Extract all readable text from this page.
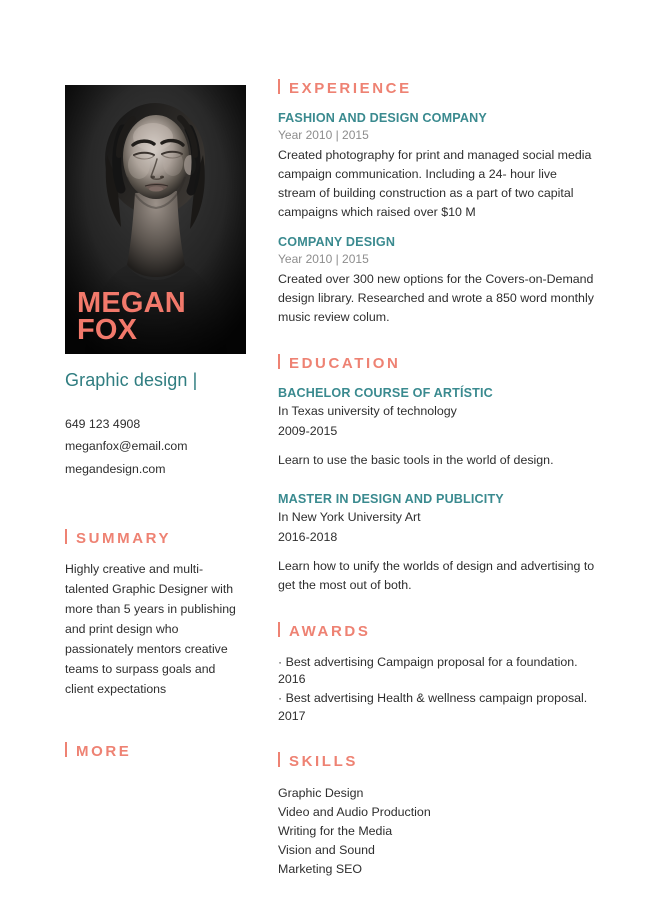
MEGAN
FOX
Graphic design |
649 123 4908
meganfox@email.com
megandesign.com
SUMMARY
Highly creative and multi-talented Graphic Designer with more than 5 years in publishing and print design who passionately mentors creative teams to surpass goals and client expectations
MORE
EXPERIENCE
FASHION AND DESIGN COMPANY
Year 2010 | 2015
Created photography for print and managed social media campaign communication. Including a 24- hour live stream of building construction as a part of two capital campaigns which raised over $10 M
COMPANY DESIGN
Year 2010 | 2015
Created over 300 new options for the Covers-on-Demand design library. Researched and wrote a 850 word monthly music review colum.
EDUCATION
BACHELOR COURSE OF ARTÍSTIC
In Texas university of technology
2009-2015
Learn to use the basic tools in the world of design.
MASTER IN DESIGN AND PUBLICITY
In New York University Art
2016-2018
Learn how to unify the worlds of design and advertising to get the most out of both.
AWARDS
· Best advertising Campaign proposal for a foundation.
2016
· Best advertising Health & wellness campaign proposal.
2017
SKILLS
Graphic Design
Video and Audio Production
Writing for the Media
Vision and Sound
Marketing SEO
